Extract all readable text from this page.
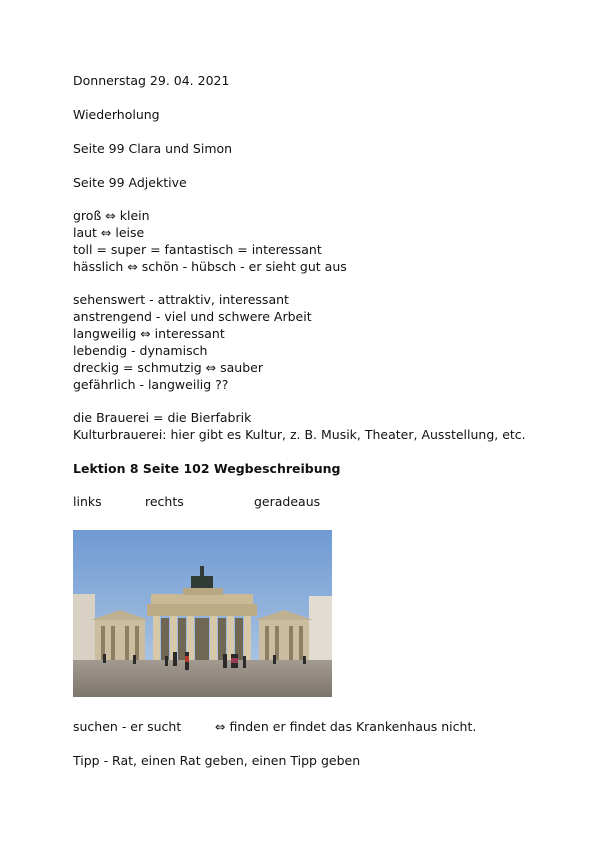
Donnerstag 29. 04. 2021
Wiederholung
Seite 99 Clara und Simon
Seite 99 Adjektive
groß ⇔ klein
laut ⇔ leise
toll = super = fantastisch = interessant
hässlich ⇔ schön - hübsch - er sieht gut aus
sehenswert - attraktiv, interessant
anstrengend - viel und schwere Arbeit
langweilig ⇔ interessant
lebendig - dynamisch
dreckig = schmutzig ⇔ sauber
gefährlich - langweilig ??
die Brauerei = die Bierfabrik
Kulturbrauerei: hier gibt es Kultur, z. B. Musik, Theater, Ausstellung, etc.
Lektion 8 Seite 102 Wegbeschreibung
links	rechts	geradeaus
suchen - er sucht	⇔ finden er findet das Krankenhaus nicht.
Tipp - Rat, einen Rat geben, einen Tipp geben
